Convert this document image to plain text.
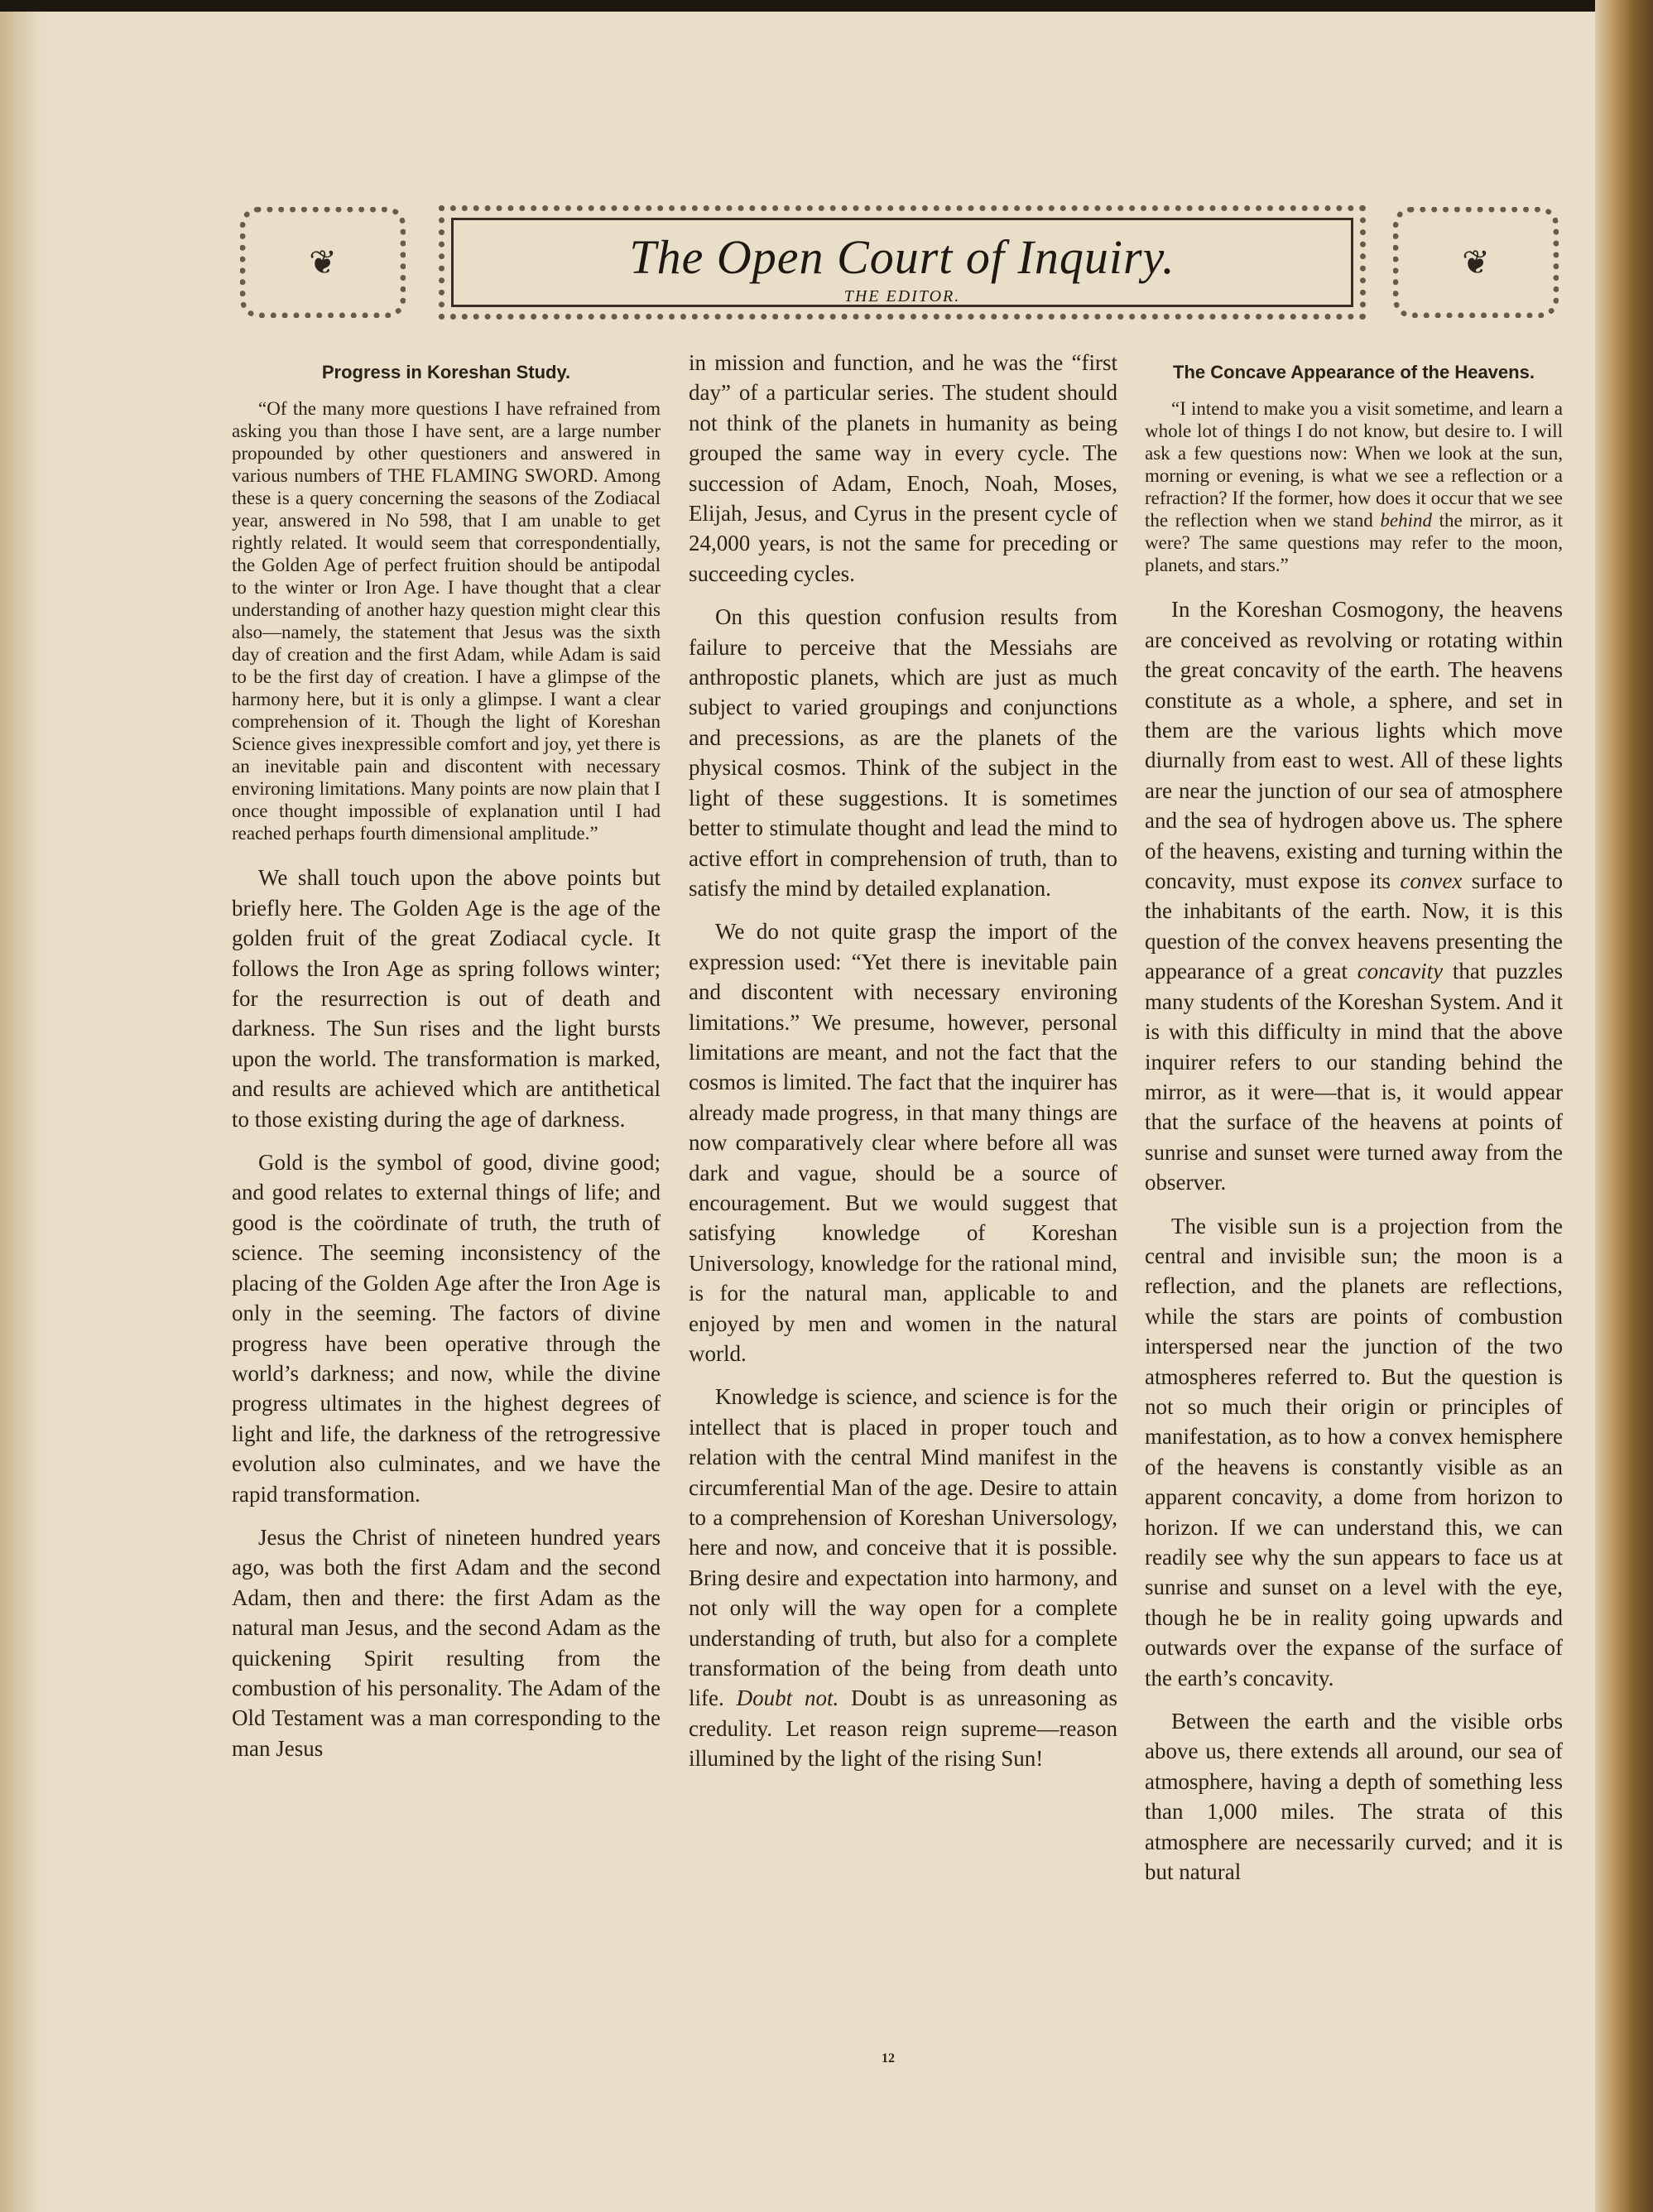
❦	The Open Court of Inquiry.
THE EDITOR.
❦
Progress in Koreshan Study.

“Of the many more questions I have refrained from asking you than those I have sent, are a large number propounded by other questioners and answered in various numbers of THE FLAMING SWORD. Among these is a query concerning the seasons of the Zodiacal year, answered in No 598, that I am unable to get rightly related. It would seem that correspondentially, the Golden Age of perfect fruition should be antipodal to the winter or Iron Age. I have thought that a clear understanding of another hazy question might clear this also—namely, the statement that Jesus was the sixth day of creation and the first Adam, while Adam is said to be the first day of creation. I have a glimpse of the harmony here, but it is only a glimpse. I want a clear comprehension of it. Though the light of Koreshan Science gives inexpressible comfort and joy, yet there is an inevitable pain and discontent with necessary environing limitations. Many points are now plain that I once thought impossible of explanation until I had reached perhaps fourth dimensional amplitude.”

We shall touch upon the above points but briefly here. The Golden Age is the age of the golden fruit of the great Zodiacal cycle. It follows the Iron Age as spring follows winter; for the resurrection is out of death and darkness. The Sun rises and the light bursts upon the world. The transformation is marked, and results are achieved which are antithetical to those existing during the age of darkness.

Gold is the symbol of good, divine good; and good relates to external things of life; and good is the coördinate of truth, the truth of science. The seeming inconsistency of the placing of the Golden Age after the Iron Age is only in the seeming. The factors of divine progress have been operative through the world’s darkness; and now, while the divine progress ultimates in the highest degrees of light and life, the darkness of the retrogressive evolution also culminates, and we have the rapid transformation.

Jesus the Christ of nineteen hundred years ago, was both the first Adam and the second Adam, then and there: the first Adam as the natural man Jesus, and the second Adam as the quickening Spirit resulting from the combustion of his personality. The Adam of the Old Testament was a man corresponding to the man Jesus

in mission and function, and he was the “first day” of a particular series. The student should not think of the planets in humanity as being grouped the same way in every cycle. The succession of Adam, Enoch, Noah, Moses, Elijah, Jesus, and Cyrus in the present cycle of 24,000 years, is not the same for preceding or succeeding cycles.

On this question confusion results from failure to perceive that the Messiahs are anthropostic planets, which are just as much subject to varied groupings and conjunctions and precessions, as are the planets of the physical cosmos. Think of the subject in the light of these suggestions. It is sometimes better to stimulate thought and lead the mind to active effort in comprehension of truth, than to satisfy the mind by detailed explanation.

We do not quite grasp the import of the expression used: “Yet there is inevitable pain and discontent with necessary environing limitations.” We presume, however, personal limitations are meant, and not the fact that the cosmos is limited. The fact that the inquirer has already made progress, in that many things are now comparatively clear where before all was dark and vague, should be a source of encouragement. But we would suggest that satisfying knowledge of Koreshan Universology, knowledge for the rational mind, is for the natural man, applicable to and enjoyed by men and women in the natural world.

Knowledge is science, and science is for the intellect that is placed in proper touch and relation with the central Mind manifest in the circumferential Man of the age. Desire to attain to a comprehension of Koreshan Universology, here and now, and conceive that it is possible. Bring desire and expectation into harmony, and not only will the way open for a complete understanding of truth, but also for a complete transformation of the being from death unto life. Doubt not. Doubt is as unreasoning as credulity. Let reason reign supreme—reason illumined by the light of the rising Sun!

The Concave Appearance of the Heavens.

“I intend to make you a visit sometime, and learn a whole lot of things I do not know, but desire to. I will ask a few questions now: When we look at the sun, morning or evening, is what we see a reflection or a refraction? If the former, how does it occur that we see the reflection when we stand behind the mirror, as it were? The same questions may refer to the moon, planets, and stars.”

In the Koreshan Cosmogony, the heavens are conceived as revolving or rotating within the great concavity of the earth. The heavens constitute as a whole, a sphere, and set in them are the various lights which move diurnally from east to west. All of these lights are near the junction of our sea of atmosphere and the sea of hydrogen above us. The sphere of the heavens, existing and turning within the concavity, must expose its convex surface to the inhabitants of the earth. Now, it is this question of the convex heavens presenting the appearance of a great concavity that puzzles many students of the Koreshan System. And it is with this difficulty in mind that the above inquirer refers to our standing behind the mirror, as it were—that is, it would appear that the surface of the heavens at points of sunrise and sunset were turned away from the observer.

The visible sun is a projection from the central and invisible sun; the moon is a reflection, and the planets are reflections, while the stars are points of combustion interspersed near the junction of the two atmospheres referred to. But the question is not so much their origin or principles of manifestation, as to how a convex hemisphere of the heavens is constantly visible as an apparent concavity, a dome from horizon to horizon. If we can understand this, we can readily see why the sun appears to face us at sunrise and sunset on a level with the eye, though he be in reality going upwards and outwards over the expanse of the surface of the earth’s concavity.

Between the earth and the visible orbs above us, there extends all around, our sea of atmosphere, having a depth of something less than 1,000 miles. The strata of this atmosphere are necessarily curved; and it is but natural

12
